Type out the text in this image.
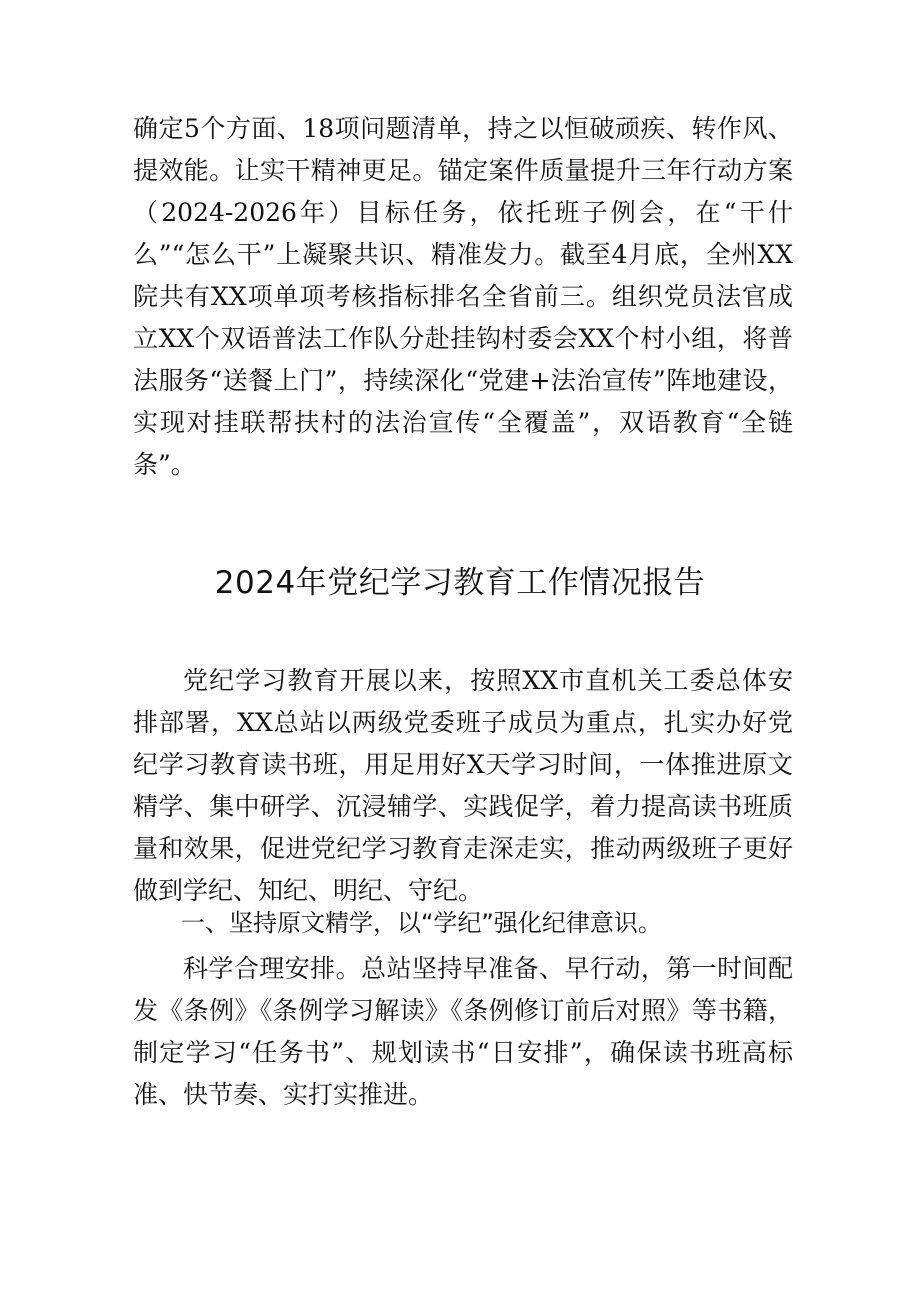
确定5个方面、18项问题清单，持之以恒破顽疾、转作风、提效能。让实干精神更足。锚定案件质量提升三年行动方案（2024-2026年）目标任务，依托班子例会，在“干什么”“怎么干”上凝聚共识、精准发力。截至4月底，全州XX院共有XX项单项考核指标排名全省前三。组织党员法官成立XX个双语普法工作队分赴挂钩村委会XX个村小组，将普法服务“送餐上门”，持续深化“党建+法治宣传”阵地建设，实现对挂联帮扶村的法治宣传“全覆盖”，双语教育“全链条”。

2024年党纪学习教育工作情况报告

党纪学习教育开展以来，按照XX市直机关工委总体安排部署，XX总站以两级党委班子成员为重点，扎实办好党纪学习教育读书班，用足用好X天学习时间，一体推进原文精学、集中研学、沉浸辅学、实践促学，着力提高读书班质量和效果，促进党纪学习教育走深走实，推动两级班子更好做到学纪、知纪、明纪、守纪。

一、坚持原文精学，以“学纪”强化纪律意识。

科学合理安排。总站坚持早准备、早行动，第一时间配发《条例》《条例学习解读》《条例修订前后对照》等书籍，制定学习“任务书”、规划读书“日安排”，确保读书班高标准、快节奏、实打实推进。
